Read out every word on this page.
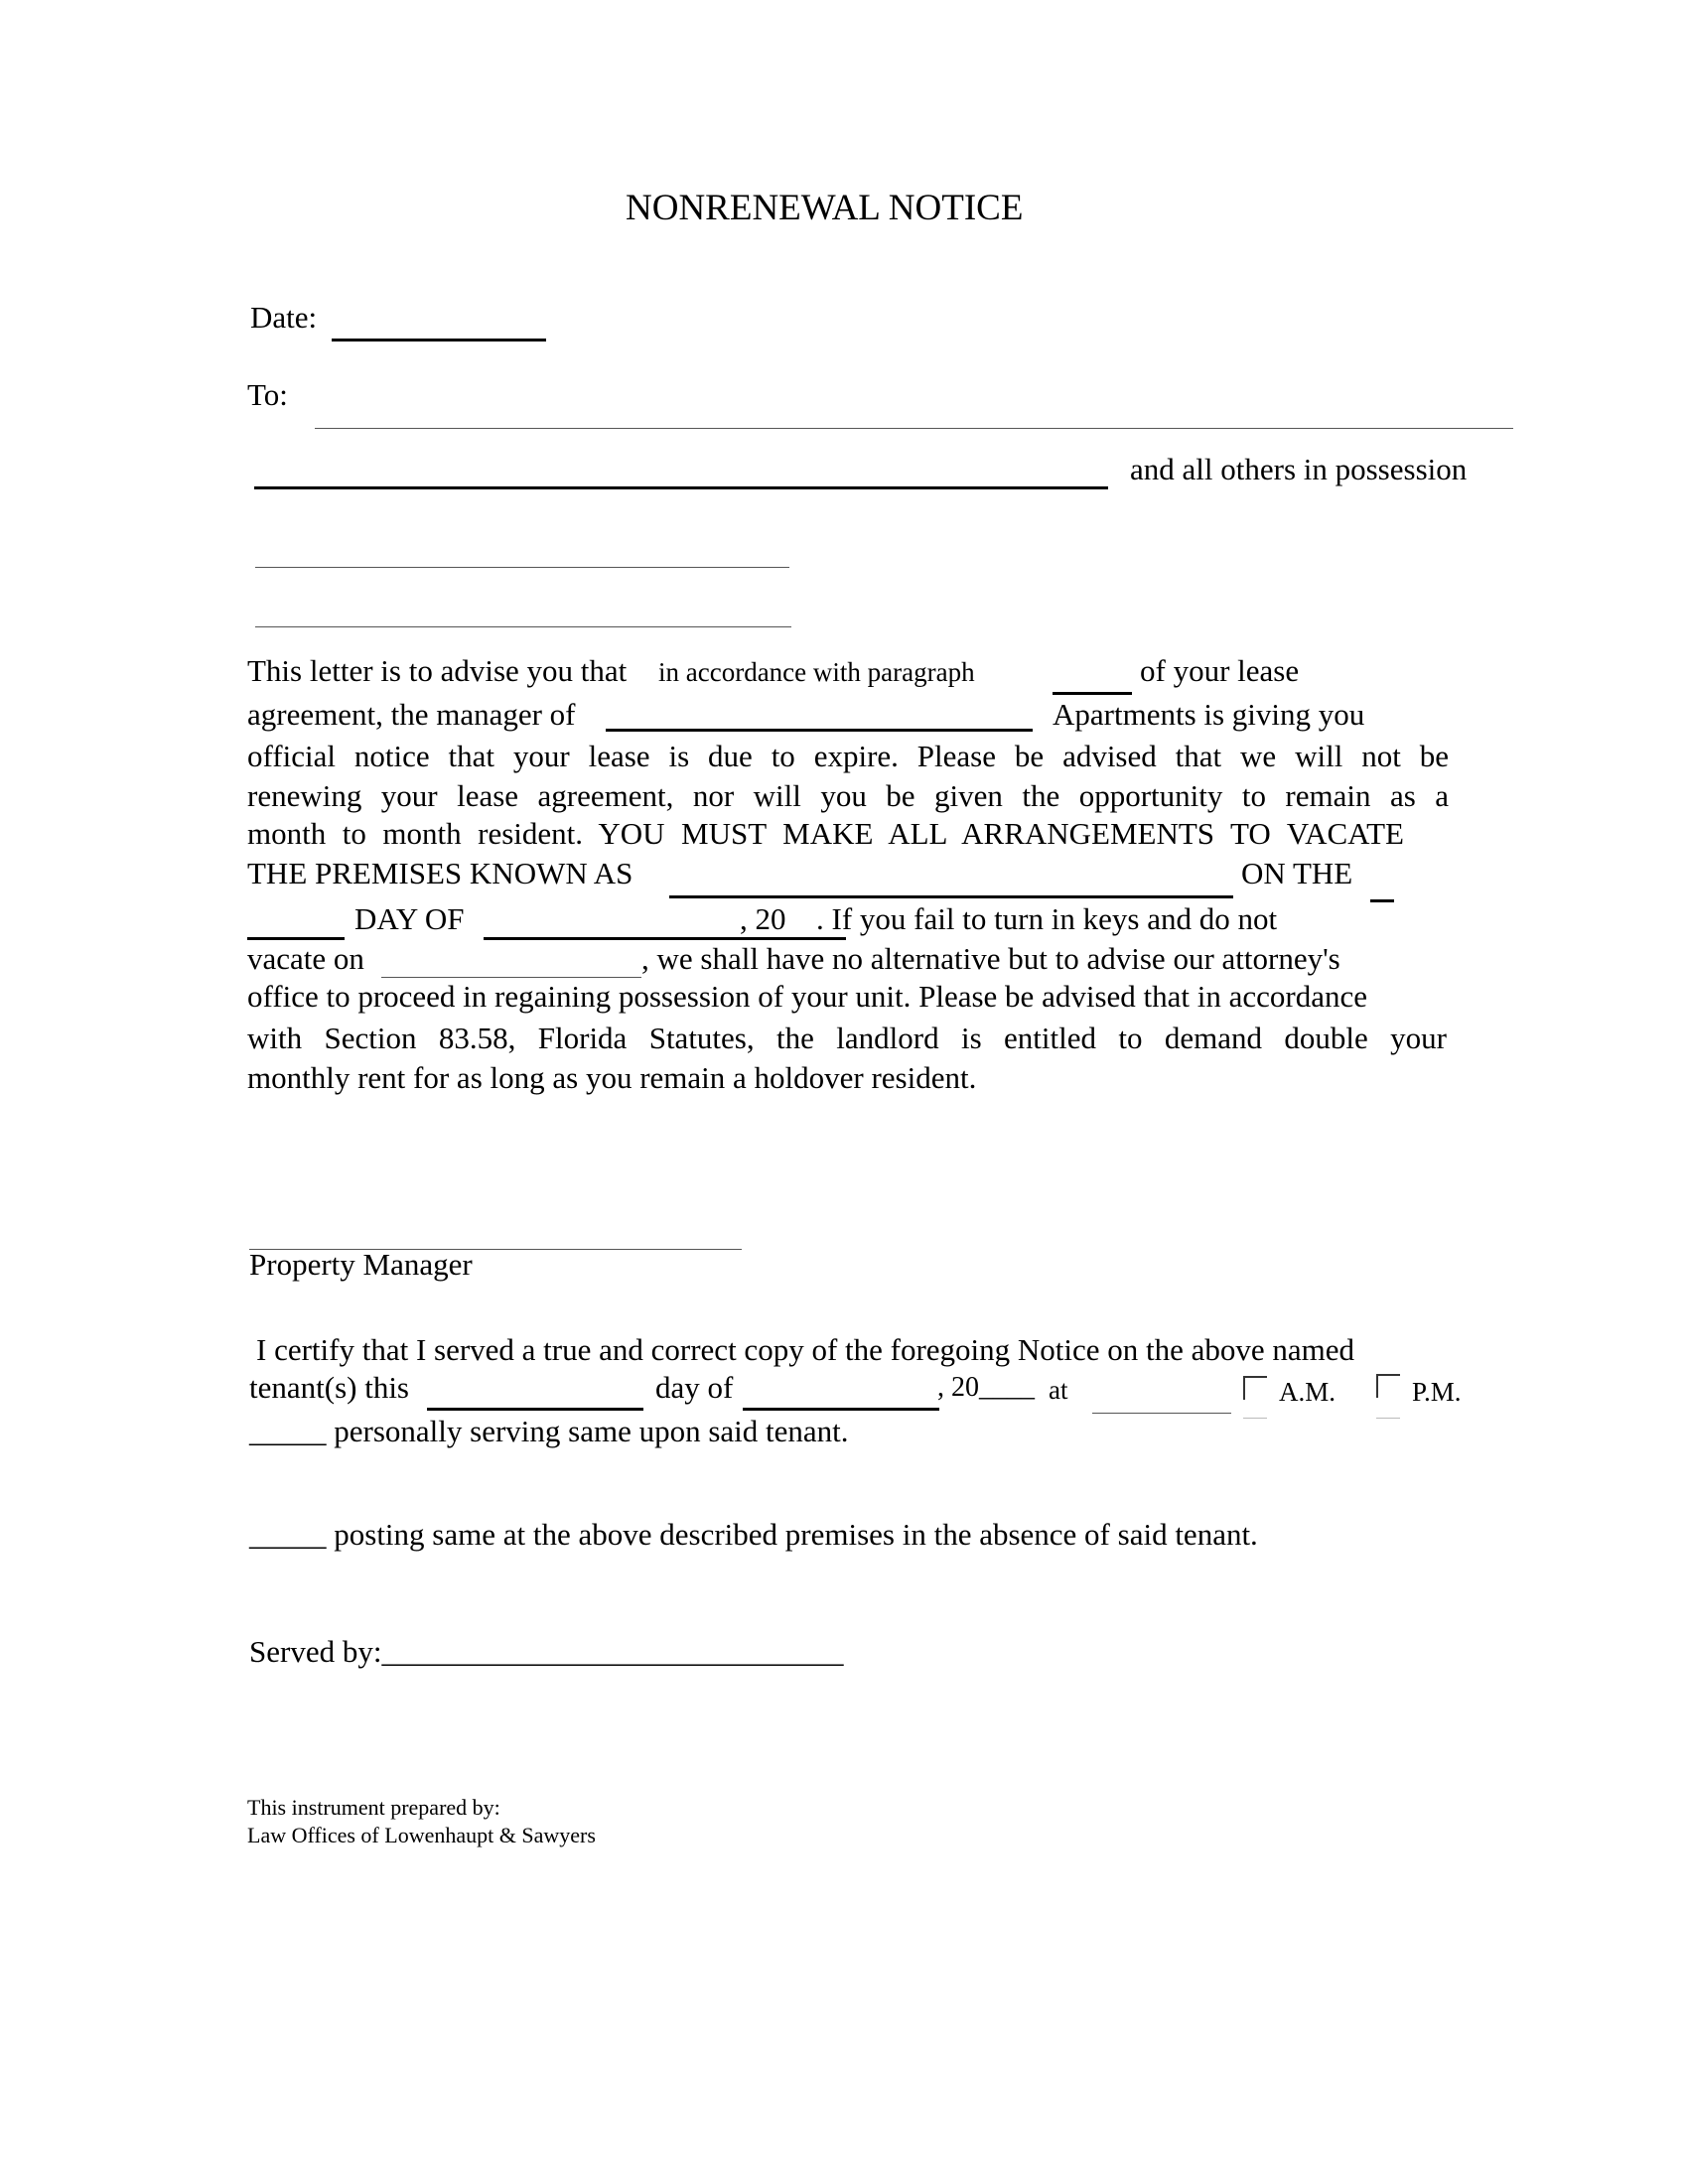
NONRENEWAL NOTICE
Date:
To:
and all others in possession
This letter is to advise you that in accordance with paragraph	of your lease
agreement, the manager of	Apartments is giving you
official notice that your lease is due to expire. Please be advised that we will not be
renewing your lease agreement, nor will you be given the opportunity to remain as a
month to month resident. YOU MUST MAKE ALL ARRANGEMENTS TO VACATE
THE PREMISES KNOWN AS	ON THE
DAY OF	, 20 . If you fail to turn in keys and do not
vacate on	, we shall have no alternative but to advise our attorney's
office to proceed in regaining possession of your unit. Please be advised that in accordance
with Section 83.58, Florida Statutes, the landlord is entitled to demand double your
monthly rent for as long as you remain a holdover resident.
Property Manager
I certify that I served a true and correct copy of the foregoing Notice on the above named
tenant(s) this	day of	, 20____ at	A.M.	P.M.
_____ personally serving same upon said tenant.
_____ posting same at the above described premises in the absence of said tenant.
Served by:______________________________
This instrument prepared by:
Law Offices of Lowenhaupt & Sawyers
